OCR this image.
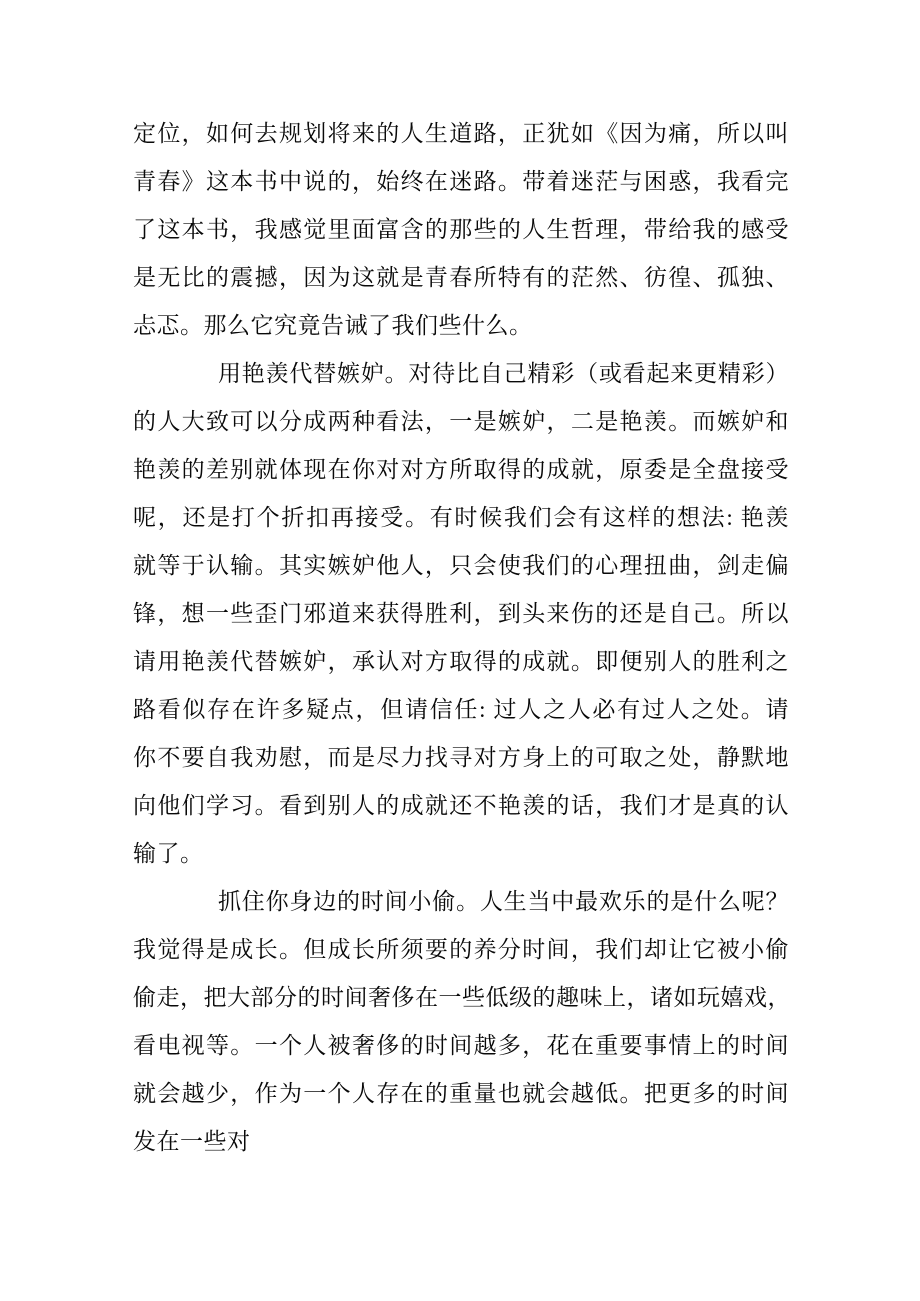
定位，如何去规划将来的人生道路，正犹如《因为痛，所以叫
青春》这本书中说的，始终在迷路。带着迷茫与困惑，我看完
了这本书，我感觉里面富含的那些的人生哲理，带给我的感受
是无比的震撼，因为这就是青春所特有的茫然、彷徨、孤独、
忐忑。那么它究竟告诫了我们些什么。
用艳羡代替嫉妒。对待比自己精彩（或看起来更精彩）
的人大致可以分成两种看法，一是嫉妒，二是艳羡。而嫉妒和
艳羡的差别就体现在你对对方所取得的成就，原委是全盘接受
呢，还是打个折扣再接受。有时候我们会有这样的想法: 艳羡
就等于认输。其实嫉妒他人，只会使我们的心理扭曲，剑走偏
锋，想一些歪门邪道来获得胜利，到头来伤的还是自己。所以
请用艳羡代替嫉妒，承认对方取得的成就。即便别人的胜利之
路看似存在许多疑点，但请信任: 过人之人必有过人之处。请
你不要自我劝慰，而是尽力找寻对方身上的可取之处，静默地
向他们学习。看到别人的成就还不艳羡的话，我们才是真的认
输了。
抓住你身边的时间小偷。人生当中最欢乐的是什么呢？
我觉得是成长。但成长所须要的养分时间，我们却让它被小偷
偷走，把大部分的时间奢侈在一些低级的趣味上，诸如玩嬉戏，
看电视等。一个人被奢侈的时间越多，花在重要事情上的时间
就会越少，作为一个人存在的重量也就会越低。把更多的时间
发在一些对
